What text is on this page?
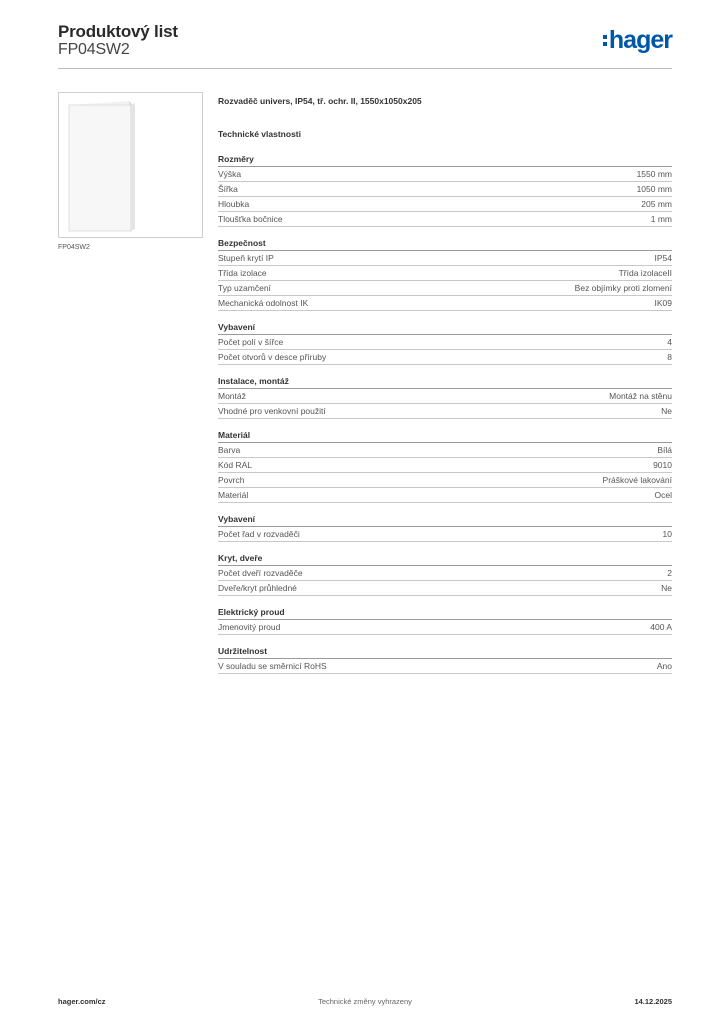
Produktový list
FP04SW2	hager
FP04SW2
Rozvaděč univers, IP54, tř. ochr. II, 1550x1050x205
Technické vlastnosti
Rozměry
Výška	1550 mm
Šířka	1050 mm
Hloubka	205 mm
Tloušťka bočnice	1 mm
Bezpečnost
Stupeň krytí IP	IP54
Třída izolace	Třída izolaceII
Typ uzamčení	Bez objímky proti zlomení
Mechanická odolnost IK	IK09
Vybavení
Počet polí v šířce	4
Počet otvorů v desce příruby	8
Instalace, montáž
Montáž	Montáž na stěnu
Vhodné pro venkovní použití	Ne
Materiál
Barva	Bílá
Kód RAL	9010
Povrch	Práškové lakování
Materiál	Ocel
Vybavení
Počet řad v rozvaděči	10
Kryt, dveře
Počet dveří rozvaděče	2
Dveře/kryt průhledné	Ne
Elektrický proud
Jmenovitý proud	400 A
Udržitelnost
V souladu se směrnicí RoHS	Ano
hager.com/cz	Technické změny vyhrazeny	14.12.2025
